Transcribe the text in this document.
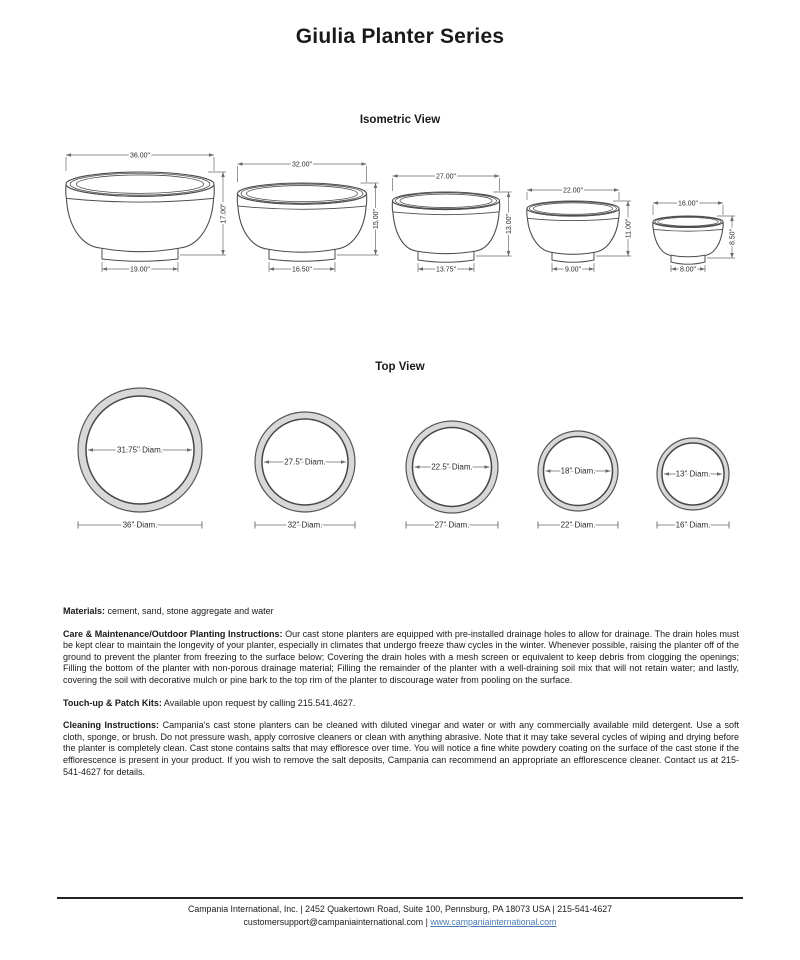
Giulia Planter Series
Isometric View
36.00"
17.00"
19.00"
32.00"
15.00"
16.50"
27.00"
13.00"
13.75"
22.00"
11.00"
9.00"
16.00"
8.50"
8.00"
31.75" Diam.
36" Diam.
27.5" Diam.
32" Diam.
22.5" Diam.
27" Diam.
18" Diam.
22" Diam.
13" Diam.
16" Diam.
Top View

Materials: cement, sand, stone aggregate and water

Care & Maintenance/Outdoor Planting Instructions: Our cast stone planters are equipped with pre-installed drainage holes to allow for drainage. The drain holes must be kept clear to maintain the longevity of your planter, especially in climates that undergo freeze thaw cycles in the winter. Whenever possible, raising the planter off of the ground to prevent the planter from freezing to the surface below; Covering the drain holes with a mesh screen or equivalent to keep debris from clogging the openings; Filling the bottom of the planter with non-porous drainage material; Filling the remainder of the planter with a well-draining soil mix that will not retain water; and lastly, covering the soil with decorative mulch or pine bark to the top rim of the planter to discourage water from pooling on the surface.

Touch-up & Patch Kits: Available upon request by calling 215.541.4627.

Cleaning Instructions: Campania’s cast stone planters can be cleaned with diluted vinegar and water or with any commercially available mild detergent. Use a soft cloth, sponge, or brush. Do not pressure wash, apply corrosive cleaners or clean with anything abrasive. Note that it may take several cycles of wiping and drying before the planter is completely clean. Cast stone contains salts that may effloresce over time. You will notice a fine white powdery coating on the surface of the cast stone if the efflorescence is present in your product. If you wish to remove the salt deposits, Campania can recommend an appropriate an efflorescence cleaner. Contact us at 215-541-4627 for details.

Campania International, Inc. | 2452 Quakertown Road, Suite 100, Pennsburg, PA 18073 USA | 215-541-4627
customersupport@campaniainternational.com | www.campaniainternational.com
